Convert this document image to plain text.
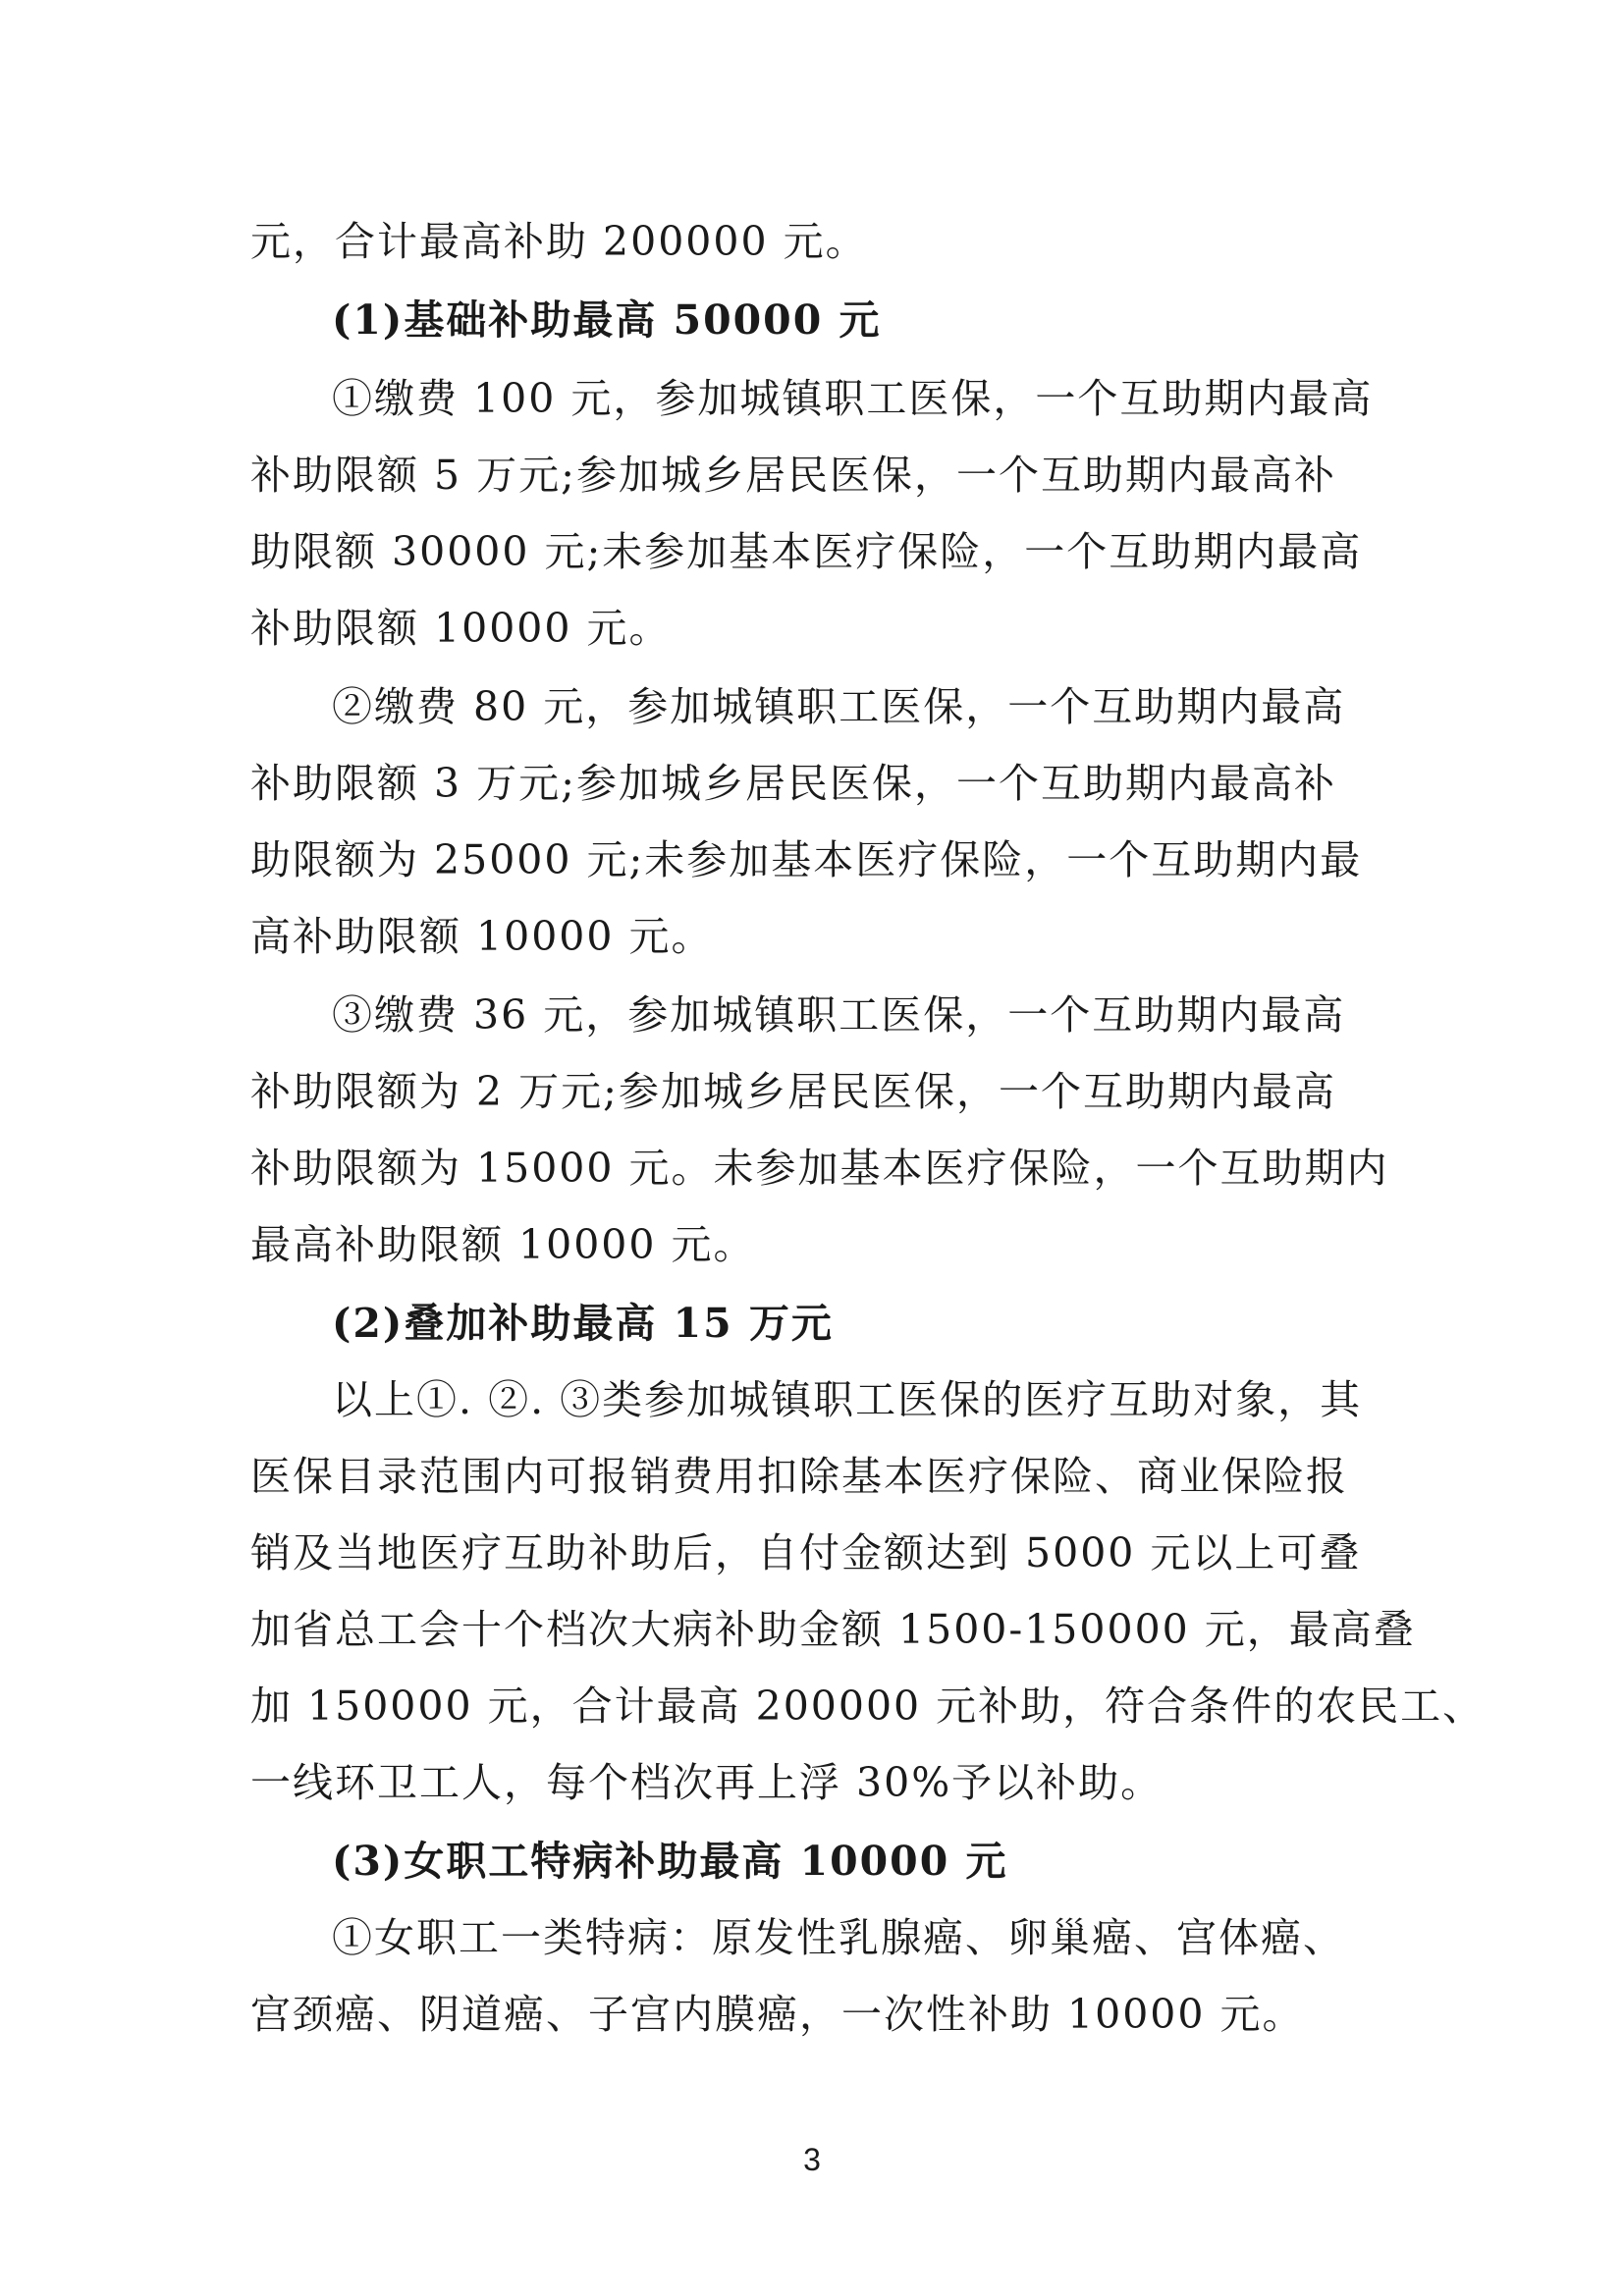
元，合计最高补助 200000 元。
(1)基础补助最高 50000 元
①缴费 100 元，参加城镇职工医保，一个互助期内最高
补助限额 5 万元;参加城乡居民医保，一个互助期内最高补
助限额 30000 元;未参加基本医疗保险，一个互助期内最高
补助限额 10000 元。
②缴费 80 元，参加城镇职工医保，一个互助期内最高
补助限额 3 万元;参加城乡居民医保，一个互助期内最高补
助限额为 25000 元;未参加基本医疗保险，一个互助期内最
高补助限额 10000 元。
③缴费 36 元，参加城镇职工医保，一个互助期内最高
补助限额为 2 万元;参加城乡居民医保，一个互助期内最高
补助限额为 15000 元。未参加基本医疗保险，一个互助期内
最高补助限额 10000 元。
(2)叠加补助最高 15 万元
以上①. ②. ③类参加城镇职工医保的医疗互助对象，其
医保目录范围内可报销费用扣除基本医疗保险、商业保险报
销及当地医疗互助补助后，自付金额达到 5000 元以上可叠
加省总工会十个档次大病补助金额 1500-150000 元，最高叠
加 150000 元，合计最高 200000 元补助，符合条件的农民工、
一线环卫工人，每个档次再上浮 30%予以补助。
(3)女职工特病补助最高 10000 元
①女职工一类特病：原发性乳腺癌、卵巢癌、宫体癌、
宫颈癌、阴道癌、子宫内膜癌，一次性补助 10000 元。
3
